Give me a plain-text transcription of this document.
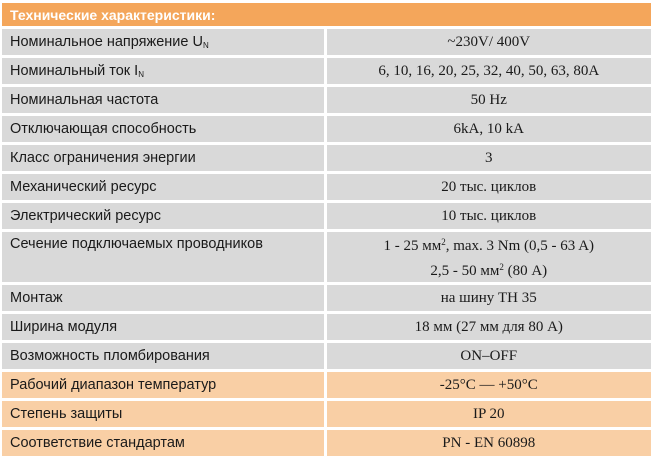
Технические характеристики:	
Номинальное напряжение $U_N$	~230V/ 400V
Номинальный ток $I_N$	6, 10, 16, 20, 25, 32, 40, 50, 63, 80A
Номинальная частота	50 Hz
Отключающая способность	6kA, 10 kA
Класс ограничения энергии	3
Механический ресурс	20 тыс. циклов
Электрический ресурс	10 тыс. циклов
Сечение подключаемых проводников	1 - 25 $мм^2$, max. 3 Nm (0,5 - 63 A)
2,5 - 50 $мм^2$ (80 A)

Монтаж	на шину ТН 35
Ширина модуля	18 мм (27 мм для 80 A)
Возможность пломбирования	ON–OFF
Рабочий диапазон температур	-25°C — +50°C
Степень защиты	IP 20
Соответствие стандартам	PN - EN 60898
